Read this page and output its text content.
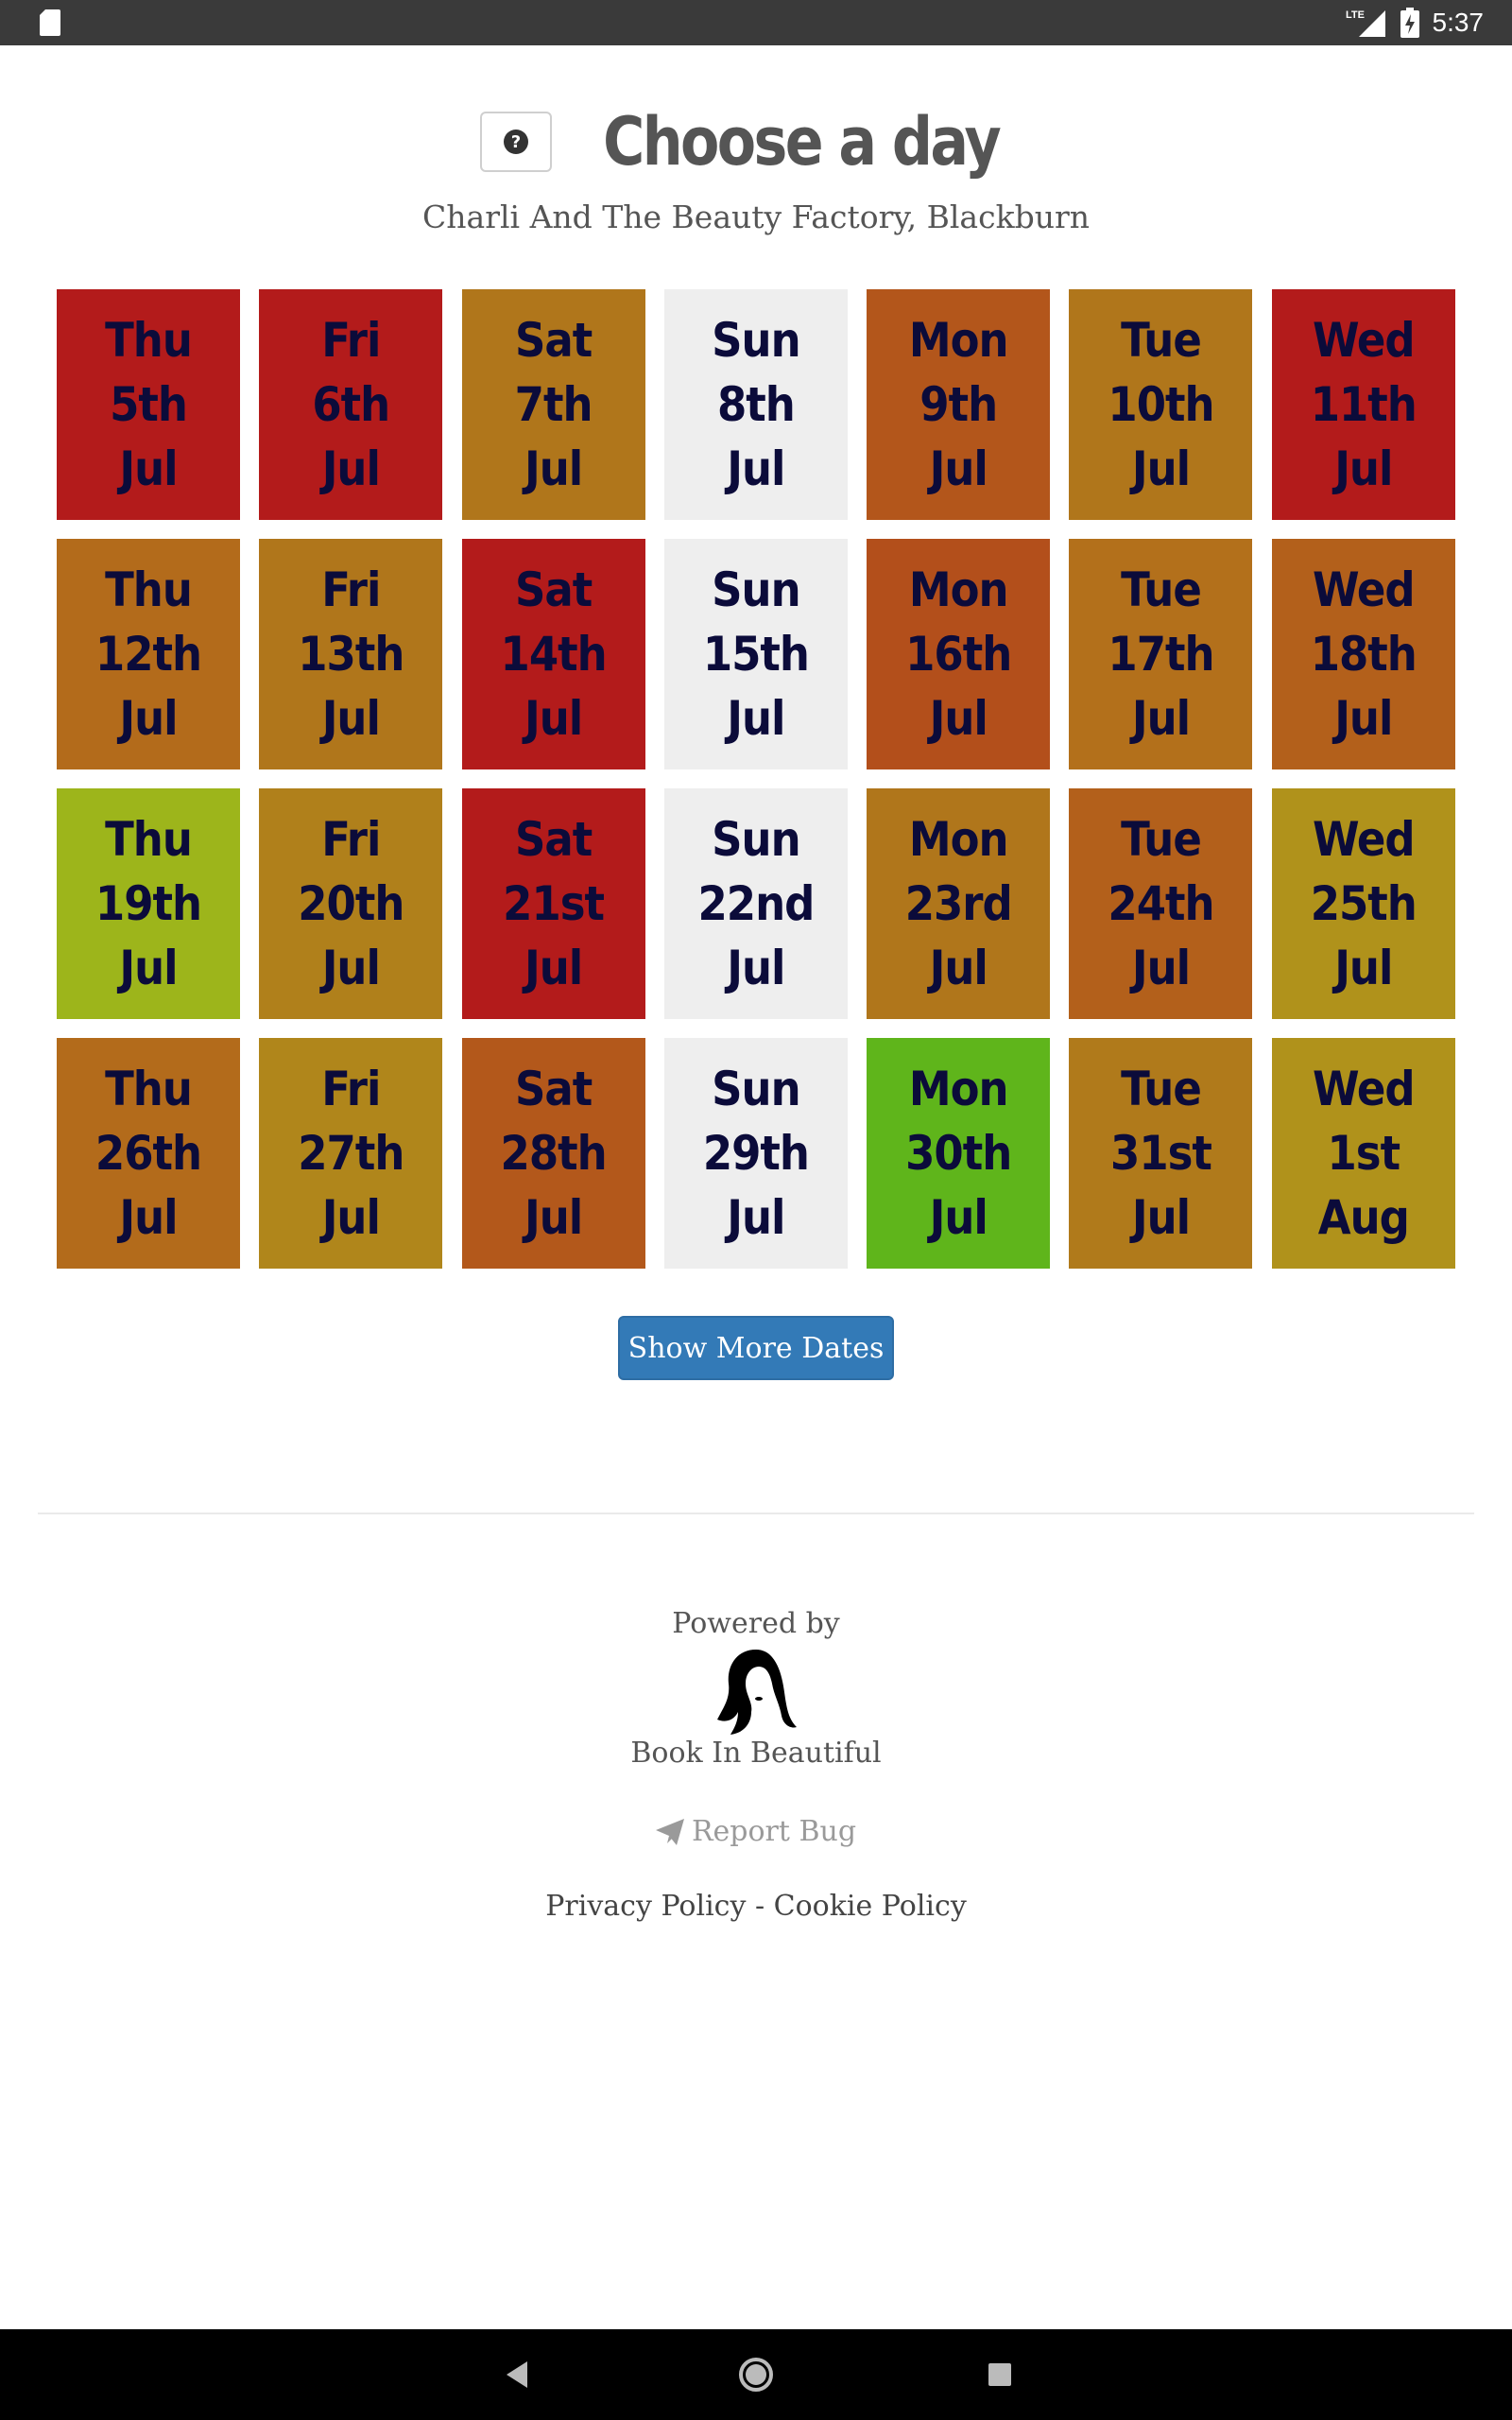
LTE	5:37
? Choose a day
Charli And The Beauty Factory, Blackburn
Thu
5th
Jul
Fri
6th
Jul
Sat
7th
Jul
Sun
8th
Jul
Mon
9th
Jul
Tue
10th
Jul
Wed
11th
Jul
Thu
12th
Jul
Fri
13th
Jul
Sat
14th
Jul
Sun
15th
Jul
Mon
16th
Jul
Tue
17th
Jul
Wed
18th
Jul
Thu
19th
Jul
Fri
20th
Jul
Sat
21st
Jul
Sun
22nd
Jul
Mon
23rd
Jul
Tue
24th
Jul
Wed
25th
Jul
Thu
26th
Jul
Fri
27th
Jul
Sat
28th
Jul
Sun
29th
Jul
Mon
30th
Jul
Tue
31st
Jul
Wed
1st
Aug
Show More Dates
Powered by
Book In Beautiful
Report Bug
Privacy Policy - Cookie Policy
